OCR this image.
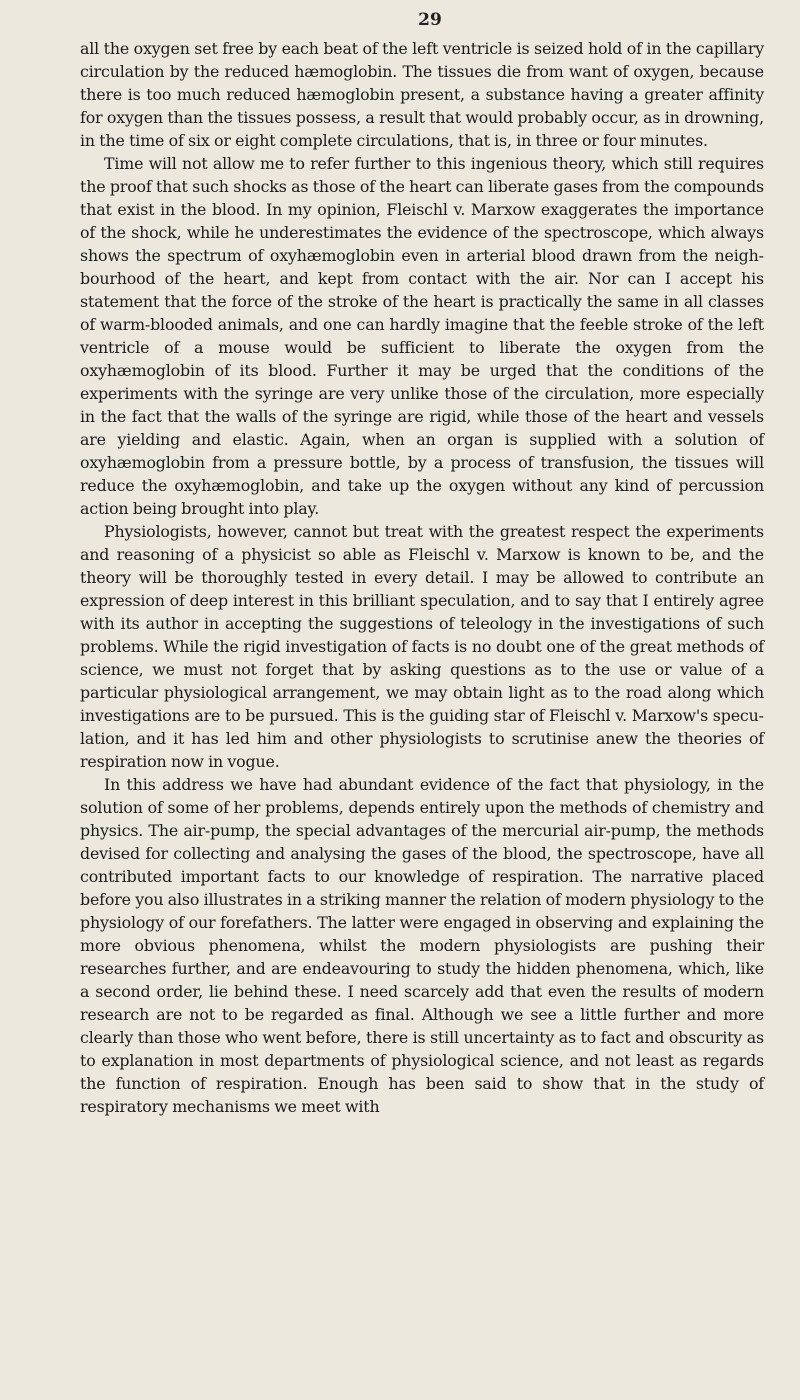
29

all the oxygen set free by each beat of the left ventricle is seized hold of in the capillary circulation by the reduced hæmoglobin. The tissues die from want of oxygen, because there is too much reduced hæmoglobin present, a substance having a greater affinity for oxygen than the tissues possess, a result that would probably occur, as in drowning, in the time of six or eight complete circulations, that is, in three or four minutes.

Time will not allow me to refer further to this ingenious theory, which still requires the proof that such shocks as those of the heart can liberate gases from the compounds that exist in the blood. In my opinion, Fleischl v. Marxow exaggerates the importance of the shock, while he underestimates the evidence of the spectroscope, which always shows the spectrum of oxyhæmoglobin even in arterial blood drawn from the neighbourhood of the heart, and kept from contact with the air. Nor can I accept his statement that the force of the stroke of the heart is practically the same in all classes of warm-blooded animals, and one can hardly imagine that the feeble stroke of the left ventricle of a mouse would be sufficient to liberate the oxygen from the oxyhæmoglobin of its blood. Further it may be urged that the conditions of the experiments with the syringe are very unlike those of the circulation, more especially in the fact that the walls of the syringe are rigid, while those of the heart and vessels are yielding and elastic. Again, when an organ is supplied with a solution of oxyhæmoglobin from a pressure bottle, by a process of transfusion, the tissues will reduce the oxyhæmoglobin, and take up the oxygen without any kind of percussion action being brought into play.

Physiologists, however, cannot but treat with the greatest respect the experiments and reasoning of a physicist so able as Fleischl v. Marxow is known to be, and the theory will be thoroughly tested in every detail. I may be allowed to contribute an expression of deep interest in this brilliant speculation, and to say that I entirely agree with its author in accepting the suggestions of teleology in the investigations of such problems. While the rigid investigation of facts is no doubt one of the great methods of science, we must not forget that by asking questions as to the use or value of a particular physiological arrangement, we may obtain light as to the road along which investigations are to be pursued. This is the guiding star of Fleischl v. Marxow's speculation, and it has led him and other physiologists to scrutinise anew the theories of respiration now in vogue.

In this address we have had abundant evidence of the fact that physiology, in the solution of some of her problems, depends entirely upon the methods of chemistry and physics. The air-pump, the special advantages of the mercurial air-pump, the methods devised for collecting and analysing the gases of the blood, the spectroscope, have all contributed important facts to our knowledge of respiration. The narrative placed before you also illustrates in a striking manner the relation of modern physiology to the physiology of our forefathers. The latter were engaged in observing and explaining the more obvious phenomena, whilst the modern physiologists are pushing their researches further, and are endeavouring to study the hidden phenomena, which, like a second order, lie behind these. I need scarcely add that even the results of modern research are not to be regarded as final. Although we see a little further and more clearly than those who went before, there is still uncertainty as to fact and obscurity as to explanation in most departments of physiological science, and not least as regards the function of respiration. Enough has been said to show that in the study of respiratory mechanisms we meet with
